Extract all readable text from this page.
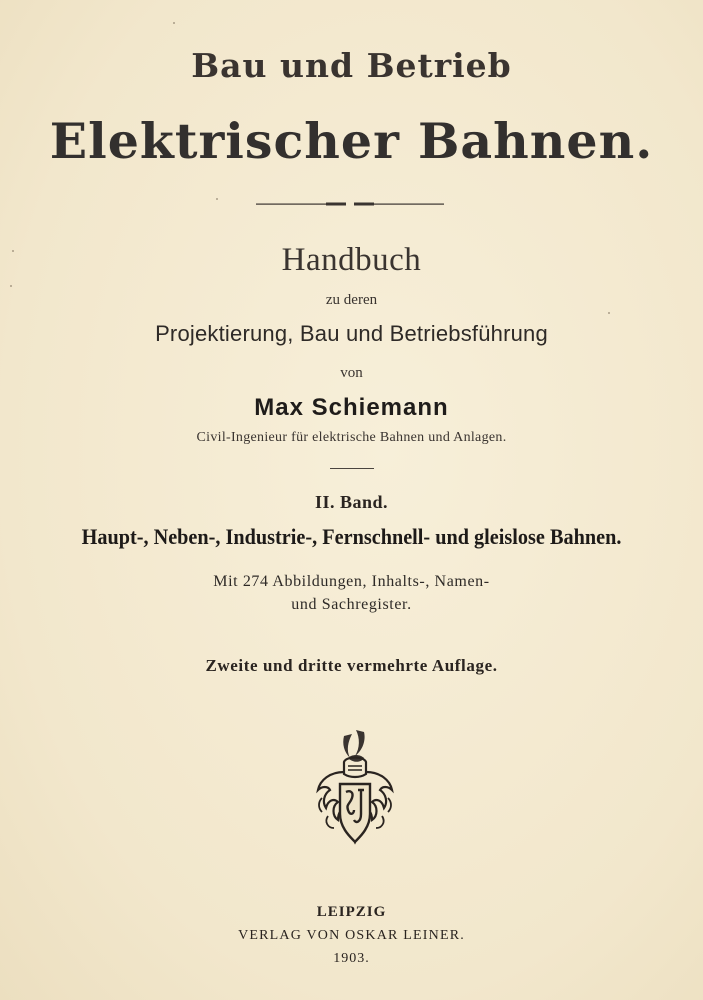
Bau und Betrieb
Elektrischer Bahnen.
Handbuch
zu deren
Projektierung, Bau und Betriebsführung
von
Max Schiemann
Civil-Ingenieur für elektrische Bahnen und Anlagen.
II. Band.
Haupt-, Neben-, Industrie-, Fernschnell- und gleislose Bahnen.
Mit 274 Abbildungen, Inhalts-, Namen-
und Sachregister.
Zweite und dritte vermehrte Auflage.
LEIPZIG
VERLAG VON OSKAR LEINER.
1903.
